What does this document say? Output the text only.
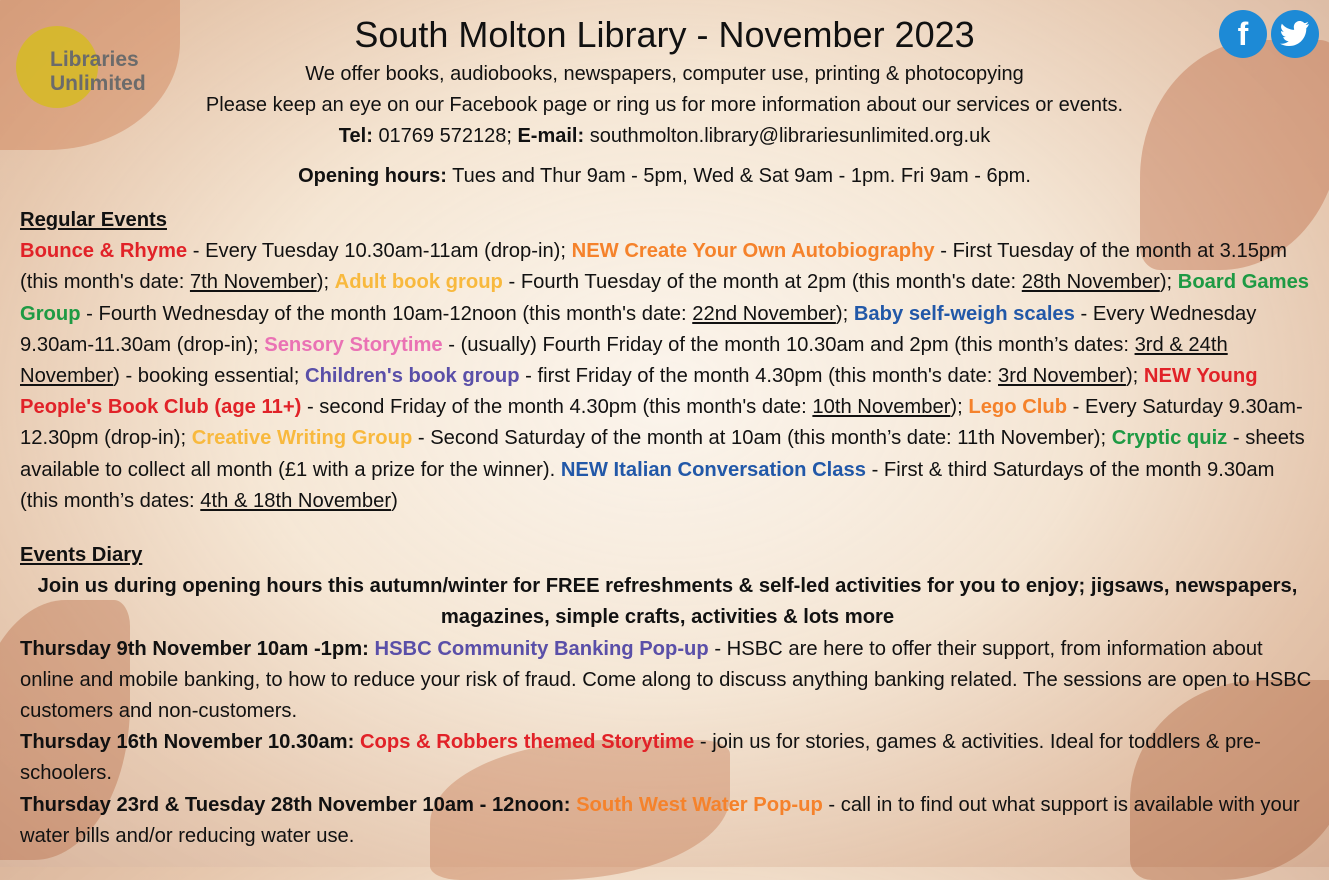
Libraries
Unlimited
f
South Molton Library - November 2023
We offer books, audiobooks, newspapers, computer use, printing & photocopying
Please keep an eye on our Facebook page or ring us for more information about our services or events.
Tel: 01769 572128; E-mail: southmolton.library@librariesunlimited.org.uk
Opening hours: Tues and Thur 9am - 5pm, Wed & Sat 9am - 1pm. Fri 9am - 6pm.
Regular Events
Bounce & Rhyme - Every Tuesday 10.30am-11am (drop-in); NEW Create Your Own Autobiography - First Tuesday of the month at 3.15pm (this month's date: 7th November); Adult book group - Fourth Tuesday of the month at 2pm (this month's date: 28th November); Board Games Group - Fourth Wednesday of the month 10am-12noon (this month's date: 22nd November); Baby self-weigh scales - Every Wednesday 9.30am-11.30am (drop-in); Sensory Storytime - (usually) Fourth Friday of the month 10.30am and 2pm (this month’s dates: 3rd & 24th November) - booking essential; Children's book group - first Friday of the month 4.30pm (this month's date: 3rd November); NEW Young People's Book Club (age 11+) - second Friday of the month 4.30pm (this month's date: 10th November); Lego Club - Every Saturday 9.30am-12.30pm (drop-in); Creative Writing Group - Second Saturday of the month at 10am (this month’s date: 11th November); Cryptic quiz - sheets available to collect all month (£1 with a prize for the winner). NEW Italian Conversation Class - First & third Saturdays of the month 9.30am (this month’s dates: 4th & 18th November)
Events Diary
Join us during opening hours this autumn/winter for FREE refreshments & self-led activities for you to enjoy; jigsaws, newspapers, magazines, simple crafts, activities & lots more
Thursday 9th November 10am -1pm: HSBC Community Banking Pop-up - HSBC are here to offer their support, from information about online and mobile banking, to how to reduce your risk of fraud. Come along to discuss anything banking related. The sessions are open to HSBC customers and non-customers.
Thursday 16th November 10.30am: Cops & Robbers themed Storytime - join us for stories, games & activities. Ideal for toddlers & pre-schoolers.
Thursday 23rd & Tuesday 28th November 10am - 12noon: South West Water Pop-up - call in to find out what support is available with your water bills and/or reducing water use.
